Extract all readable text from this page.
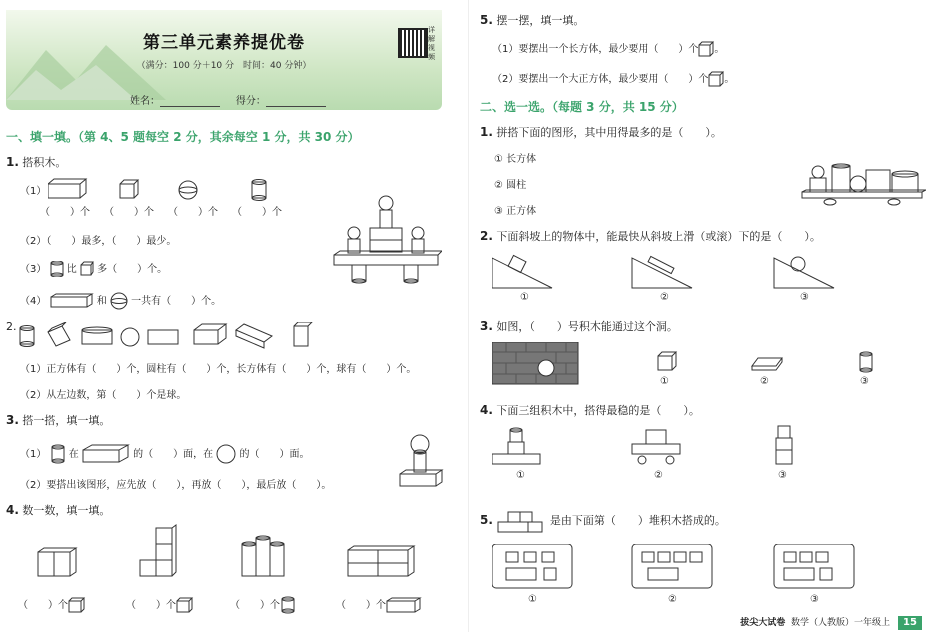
第三单元素养提优卷
（满分：100 分＋10 分　时间：40 分钟）
详解视频
姓名：	得分：
一、填一填。（第 4、5 题每空 2 分，其余每空 1 分，共 30 分）
1. 搭积木。
（1）
（　　）个 （　　）个 （　　）个 （　　）个
（2）（　　）最多，（　　）最少。
（3） 比 多（　　）个。
（4）	和 一共有（　　）个。
2.
（1）正方体有（　　）个，圆柱有（　　）个，长方体有（　　）个，球有（　　）个。
（2）从左边数，第（　　）个是球。
3. 搭一搭，填一填。
（1） 在	的（　　）面，在	的（　　）面。
（2）要搭出该图形，应先放（　　），再放（　　），最后放（　　）。
4. 数一数，填一填。
（　　）个	（　　）个	（　　）个	（　　）个
5. 摆一摆，填一填。
（1）要摆出一个长方体，最少要用（　　）个 。
（2）要摆出一个大正方体，最少要用（　　）个 。
二、选一选。（每题 3 分，共 15 分）
1. 拼搭下面的图形，其中用得最多的是（　　）。
① 长方体
② 圆柱
③ 正方体
2. 下面斜坡上的物体中，能最快从斜坡上滑（或滚）下的是（　　）。
①	②	③
3. 如图，（　　）号积木能通过这个洞。
①	②	③
4. 下面三组积木中，搭得最稳的是（　　）。
①	②	③
5.	是由下面第（　　）堆积木搭成的。
①	②	③
拔尖大试卷 数学（人教版）一年级上	15
